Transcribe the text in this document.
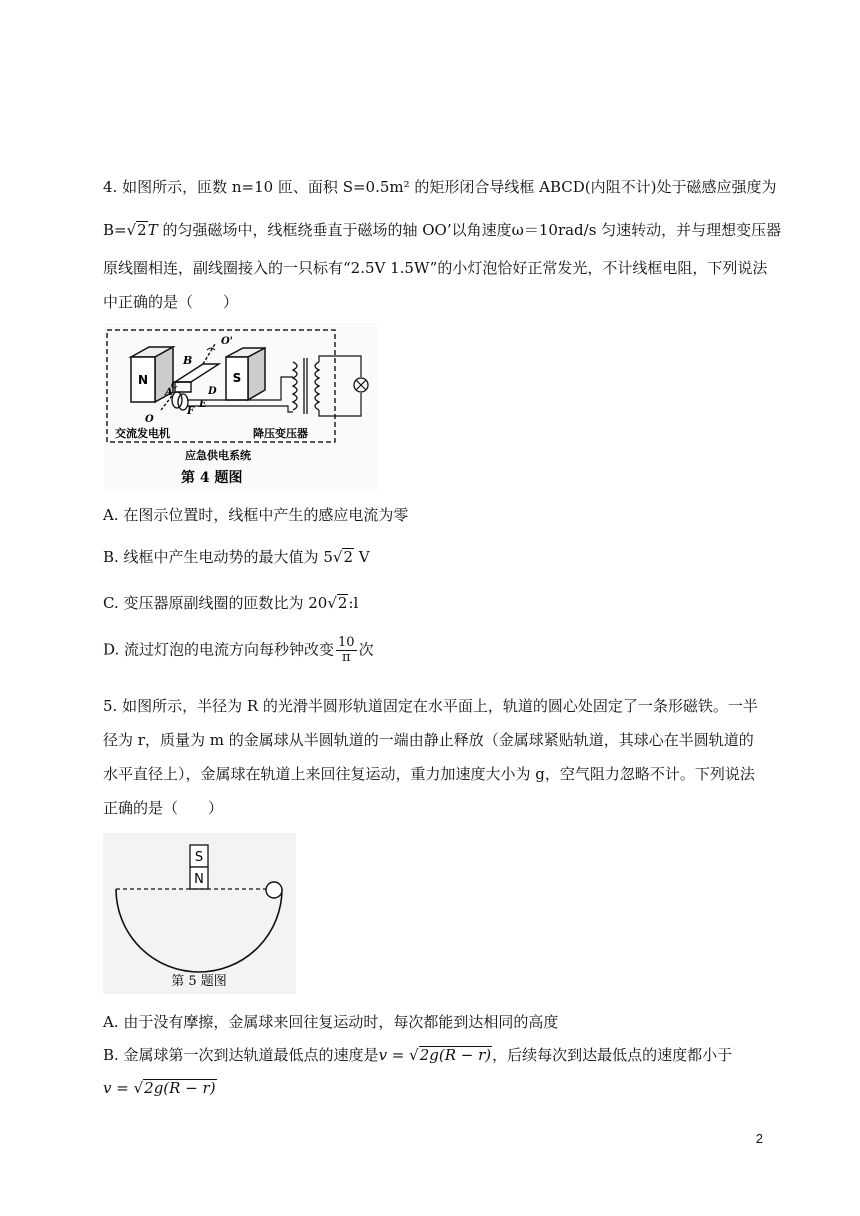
4. 如图所示，匝数 n=10 匝、面积 S=0.5m² 的矩形闭合导线框 ABCD(内阻不计)处于磁感应强度为
B=√2T 的匀强磁场中，线框绕垂直于磁场的轴 OO’以角速度ω＝10rad/s 匀速转动，并与理想变压器
原线圈相连，副线圈接入的一只标有“2.5V 1.5W”的小灯泡恰好正常发光，不计线框电阻，下列说法
中正确的是（　　）
N	S
B
A	D
E
F
C
O
O'
交流发电机	降压变压器
应急供电系统
第 4 题图
A. 在图示位置时，线框中产生的感应电流为零
B. 线框中产生电动势的最大值为 5√2 V
C. 变压器原副线圈的匝数比为 20√2:l
D. 流过灯泡的电流方向每秒钟改变 $\frac{10}{\pi}$ 次
5. 如图所示，半径为 R 的光滑半圆形轨道固定在水平面上，轨道的圆心处固定了一条形磁铁。一半
径为 r，质量为 m 的金属球从半圆轨道的一端由静止释放（金属球紧贴轨道，其球心在半圆轨道的
水平直径上），金属球在轨道上来回往复运动，重力加速度大小为 g，空气阻力忽略不计。下列说法
正确的是（　　）
S
N
第 5 题图
A. 由于没有摩擦，金属球来回往复运动时，每次都能到达相同的高度
B. 金属球第一次到达轨道最低点的速度是v = √2g(R − r)，后续每次到达最低点的速度都小于
v = √2g(R − r)
2
